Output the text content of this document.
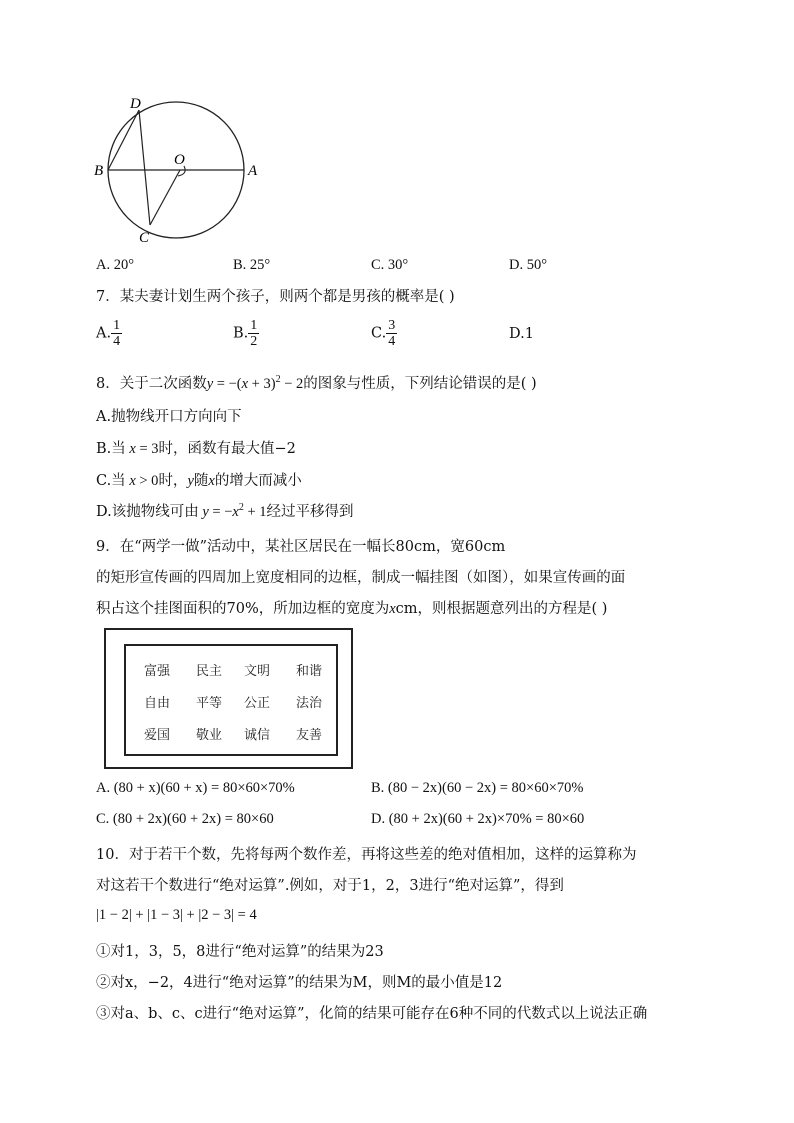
D
B
O
A
C
A. 20°	B. 25°	C. 30°	D. 50°
7．某夫妻计划生两个孩子，则两个都是男孩的概率是( )
A. $\frac{1}{4}$	B. $\frac{1}{2}$	C. $\frac{3}{4}$	D.1
8．关于二次函数$y = -(x + 3)^2 - 2$的图象与性质，下列结论错误的是( )
A.抛物线开口方向向下
B.当 x = 3时，函数有最大值−2
C.当 x > 0时，y随x的增大而减小
D.该抛物线可由 $y = -x^2 + 1$经过平移得到
9．在“两学一做”活动中，某社区居民在一幅长80cm，宽60cm
的矩形宣传画的四周加上宽度相同的边框，制成一幅挂图（如图），如果宣传画的面
积占这个挂图面积的70%，所加边框的宽度为xcm，则根据题意列出的方程是( )
富强 民主 文明 和谐
自由 平等 公正 法治
爱国 敬业 诚信 友善
A. (80 + x)(60 + x) = 80×60×70%	B. (80 − 2x)(60 − 2x) = 80×60×70%
C. (80 + 2x)(60 + 2x) = 80×60	D. (80 + 2x)(60 + 2x)×70% = 80×60
10．对于若干个数，先将每两个数作差，再将这些差的绝对值相加，这样的运算称为
对这若干个数进行“绝对运算”.例如，对于1，2，3进行“绝对运算”，得到
|1 − 2| + |1 − 3| + |2 − 3| = 4
①对1，3，5，8进行“绝对运算”的结果为23
②对x，−2，4进行“绝对运算”的结果为M，则M的最小值是12
③对a、b、c、c进行“绝对运算”，化简的结果可能存在6种不同的代数式以上说法正确
